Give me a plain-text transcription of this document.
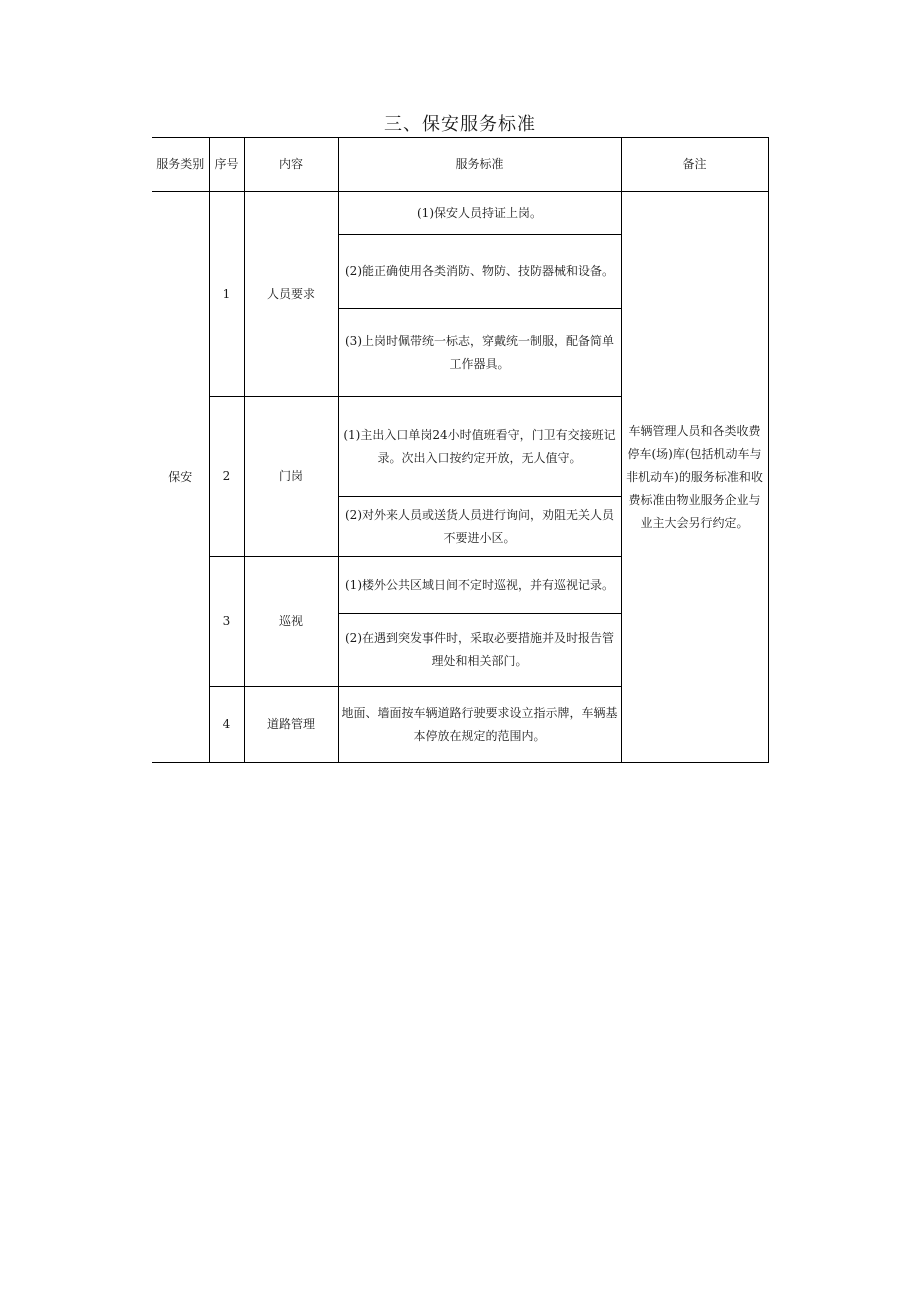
三、保安服务标准
服务类别	序号	内容	服务标准	备注
保安	1	人员要求	(1)保安人员持证上岗。	车辆管理人员和各类收费停车(场)库(包括机动车与非机动车)的服务标准和收费标准由物业服务企业与业主大会另行约定。
			(2)能正确使用各类消防、物防、技防器械和设备。	
			(3)上岗时佩带统一标志，穿戴统一制服，配备简单工作器具。	
	2	门岗	(1)主出入口单岗24小时值班看守，门卫有交接班记录。次出入口按约定开放，无人值守。	
			(2)对外来人员或送货人员进行询问，劝阻无关人员不要进小区。	
	3	巡视	(1)楼外公共区域日间不定时巡视，并有巡视记录。	
			(2)在遇到突发事件时，采取必要措施并及时报告管理处和相关部门。	
	4	道路管理	地面、墙面按车辆道路行驶要求设立指示牌，车辆基本停放在规定的范围内。	
